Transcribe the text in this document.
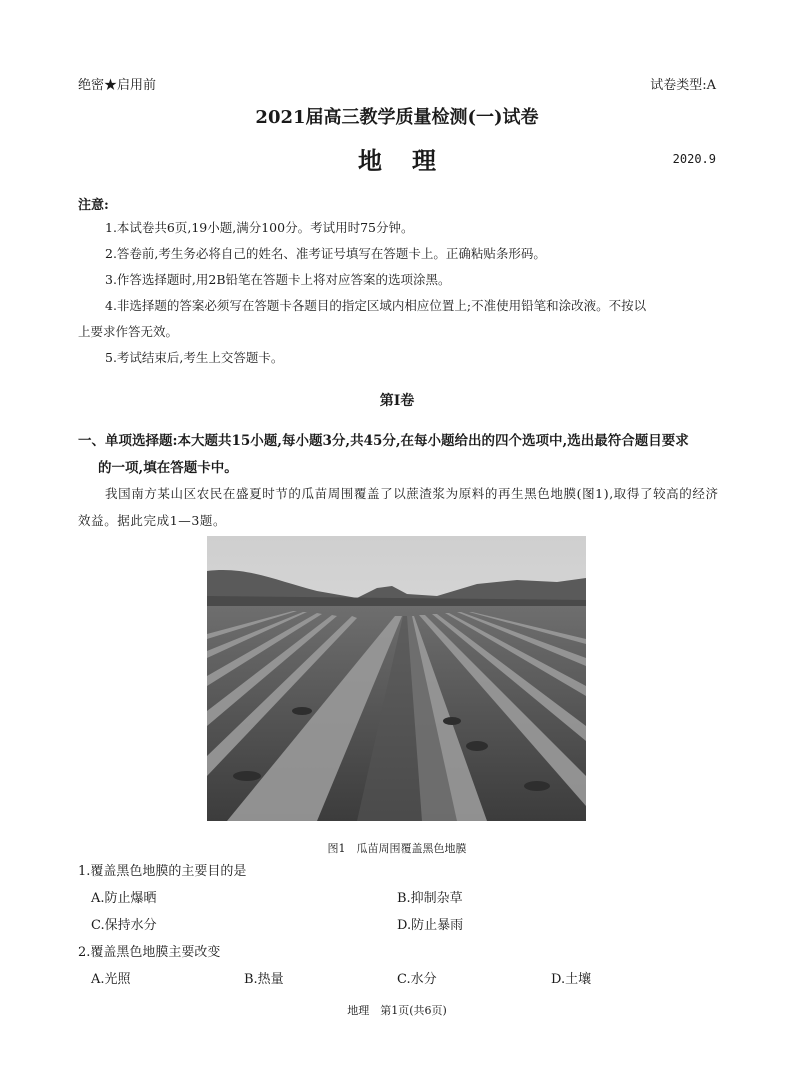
绝密★启用前	试卷类型:A
2021届高三教学质量检测(一)试卷
地理	2020.9
注意:

1.本试卷共6页,19小题,满分100分。考试用时75分钟。

2.答卷前,考生务必将自己的姓名、准考证号填写在答题卡上。正确粘贴条形码。

3.作答选择题时,用2B铅笔在答题卡上将对应答案的选项涂黑。

4.非选择题的答案必须写在答题卡各题目的指定区域内相应位置上;不准使用铅笔和涂改液。不按以

上要求作答无效。

5.考试结束后,考生上交答题卡。

第Ⅰ卷
一、单项选择题:本大题共15小题,每小题3分,共45分,在每小题给出的四个选项中,选出最符合题目要求
的一项,填在答题卡中。
我国南方某山区农民在盛夏时节的瓜苗周围覆盖了以蔗渣浆为原料的再生黑色地膜(图1),取得了较高的经济效益。据此完成1—3题。
图1　瓜苗周围覆盖黑色地膜
1.覆盖黑色地膜的主要目的是
A.防止爆晒	B.抑制杂草
C.保持水分	D.防止暴雨
2.覆盖黑色地膜主要改变
A.光照	B.热量	C.水分	D.土壤
地理　第1页(共6页)
